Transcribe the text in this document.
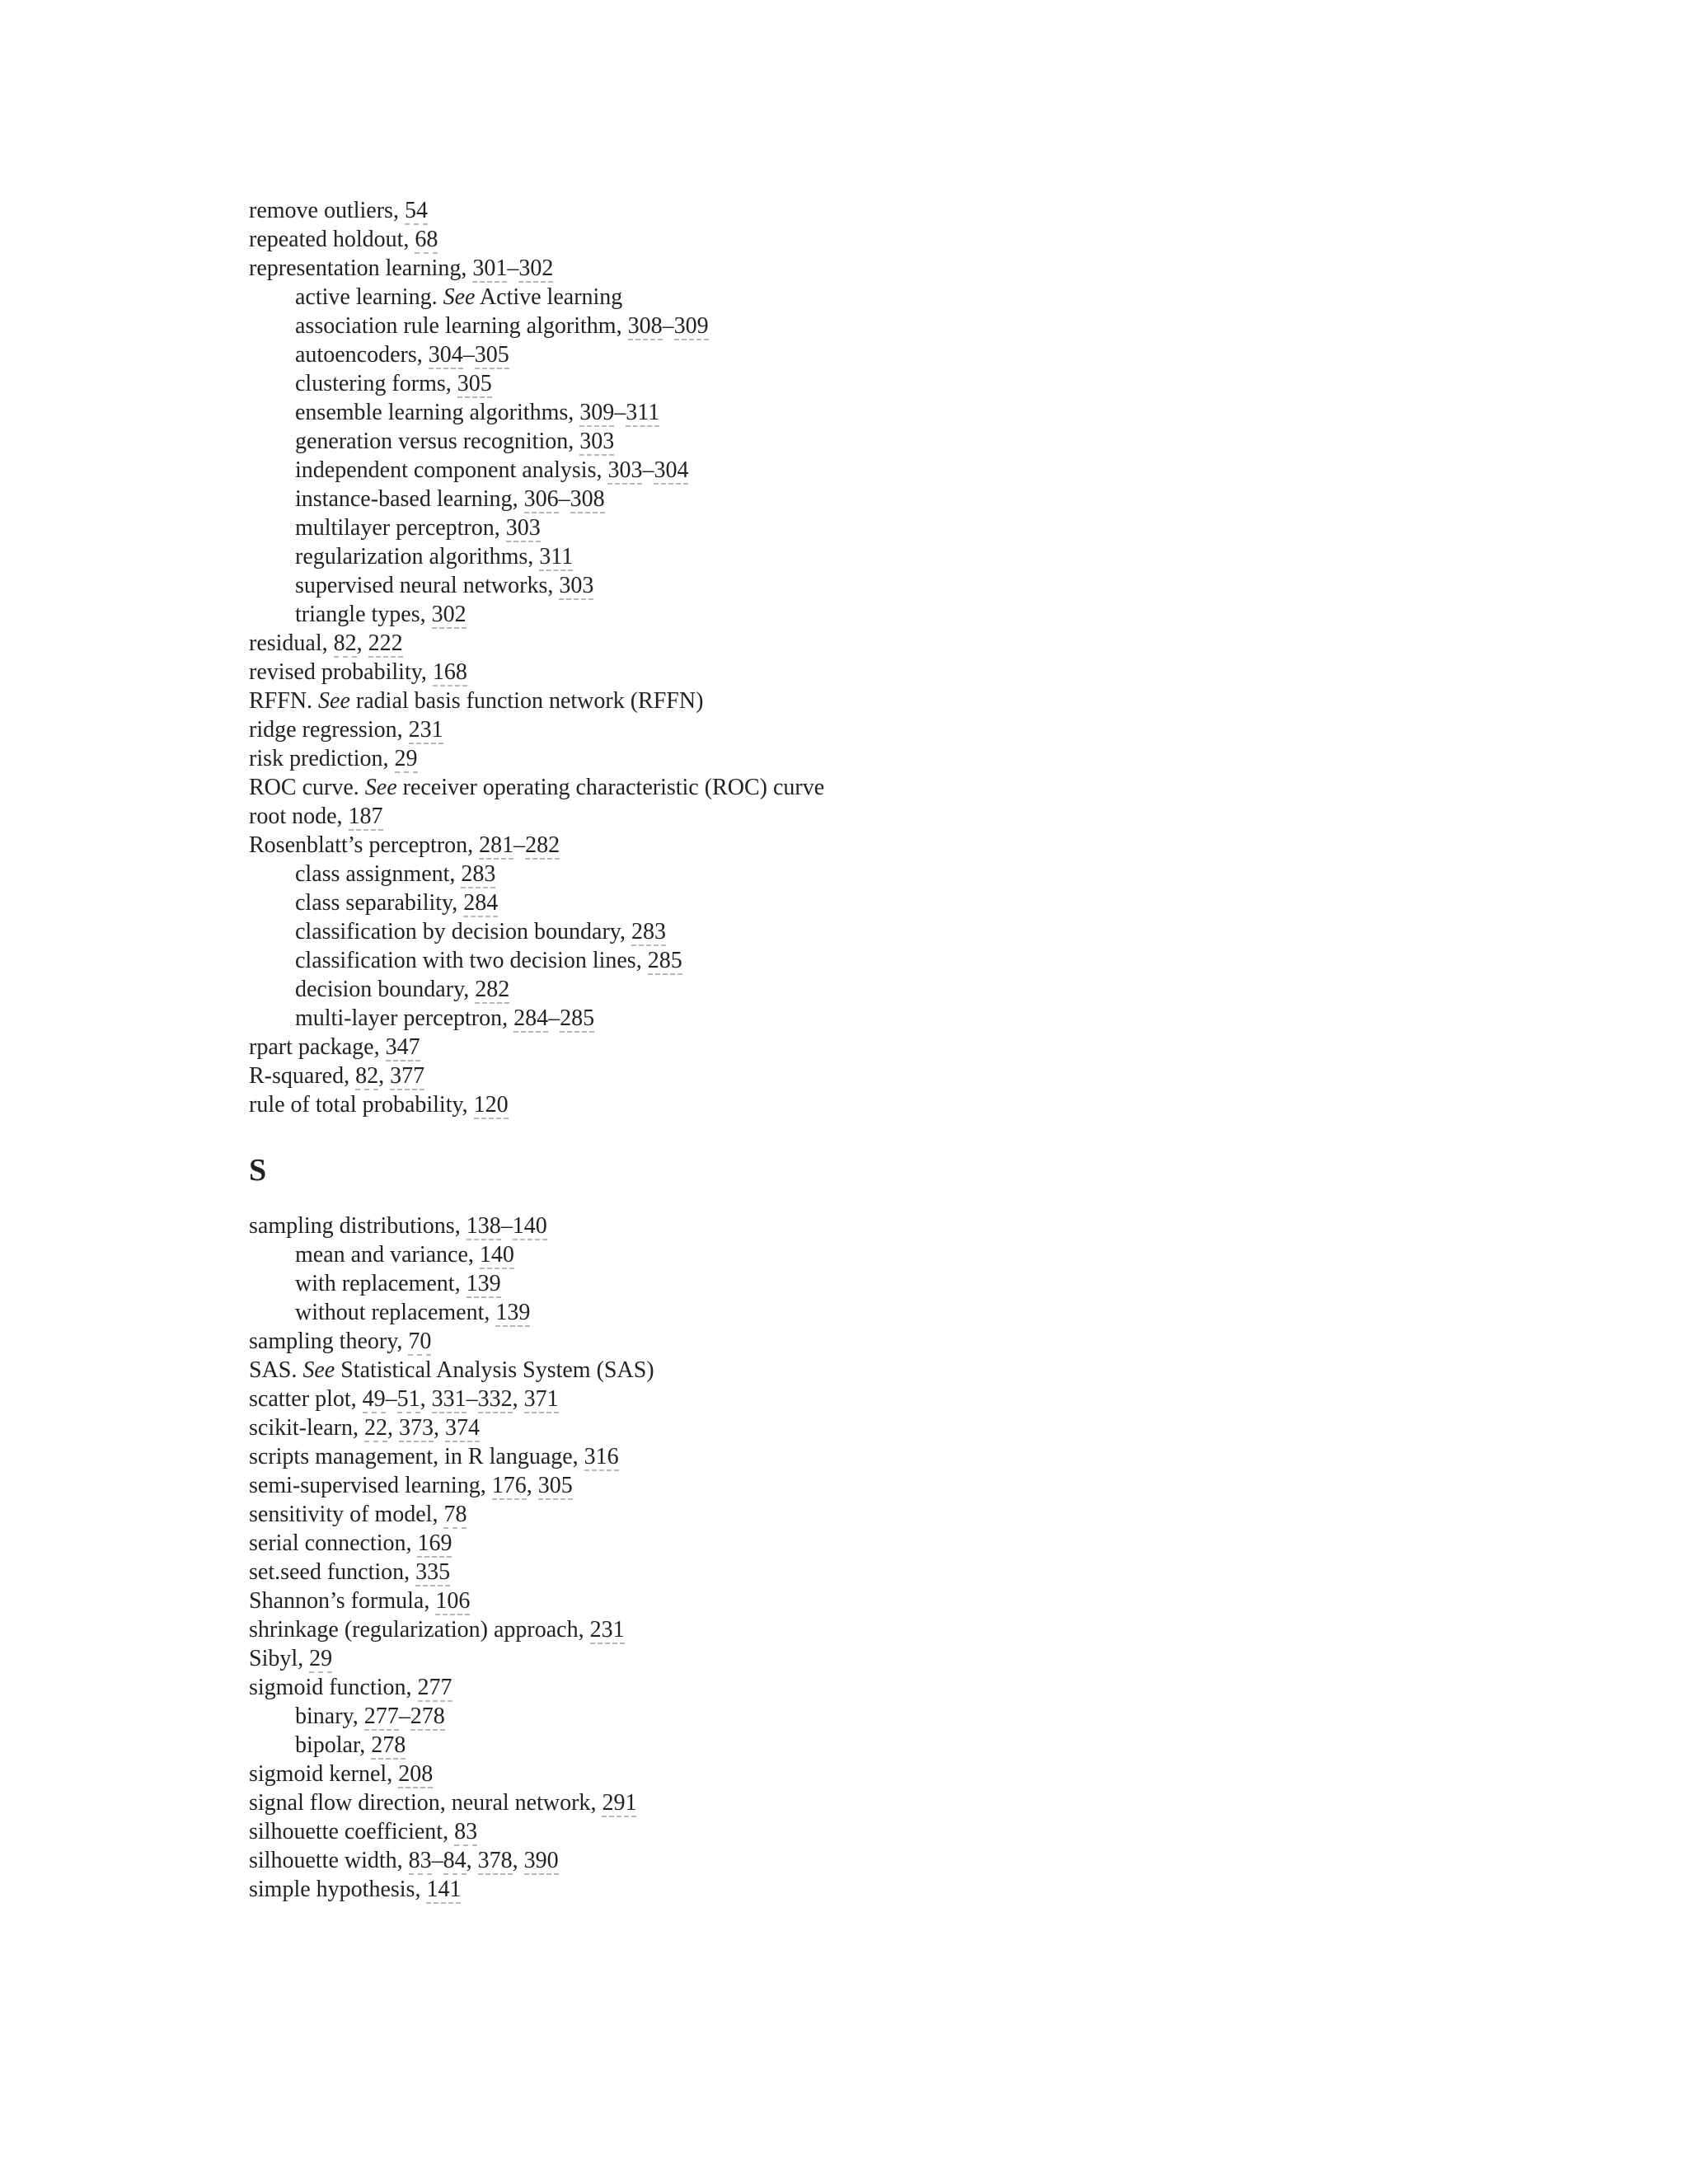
remove outliers, 54
repeated holdout, 68
representation learning, 301–302
active learning. See Active learning
association rule learning algorithm, 308–309
autoencoders, 304–305
clustering forms, 305
ensemble learning algorithms, 309–311
generation versus recognition, 303
independent component analysis, 303–304
instance-based learning, 306–308
multilayer perceptron, 303
regularization algorithms, 311
supervised neural networks, 303
triangle types, 302
residual, 82, 222
revised probability, 168
RFFN. See radial basis function network (RFFN)
ridge regression, 231
risk prediction, 29
ROC curve. See receiver operating characteristic (ROC) curve
root node, 187
Rosenblatt’s perceptron, 281–282
class assignment, 283
class separability, 284
classification by decision boundary, 283
classification with two decision lines, 285
decision boundary, 282
multi-layer perceptron, 284–285
rpart package, 347
R-squared, 82, 377
rule of total probability, 120
S
sampling distributions, 138–140
mean and variance, 140
with replacement, 139
without replacement, 139
sampling theory, 70
SAS. See Statistical Analysis System (SAS)
scatter plot, 49–51, 331–332, 371
scikit-learn, 22, 373, 374
scripts management, in R language, 316
semi-supervised learning, 176, 305
sensitivity of model, 78
serial connection, 169
set.seed function, 335
Shannon’s formula, 106
shrinkage (regularization) approach, 231
Sibyl, 29
sigmoid function, 277
binary, 277–278
bipolar, 278
sigmoid kernel, 208
signal flow direction, neural network, 291
silhouette coefficient, 83
silhouette width, 83–84, 378, 390
simple hypothesis, 141
